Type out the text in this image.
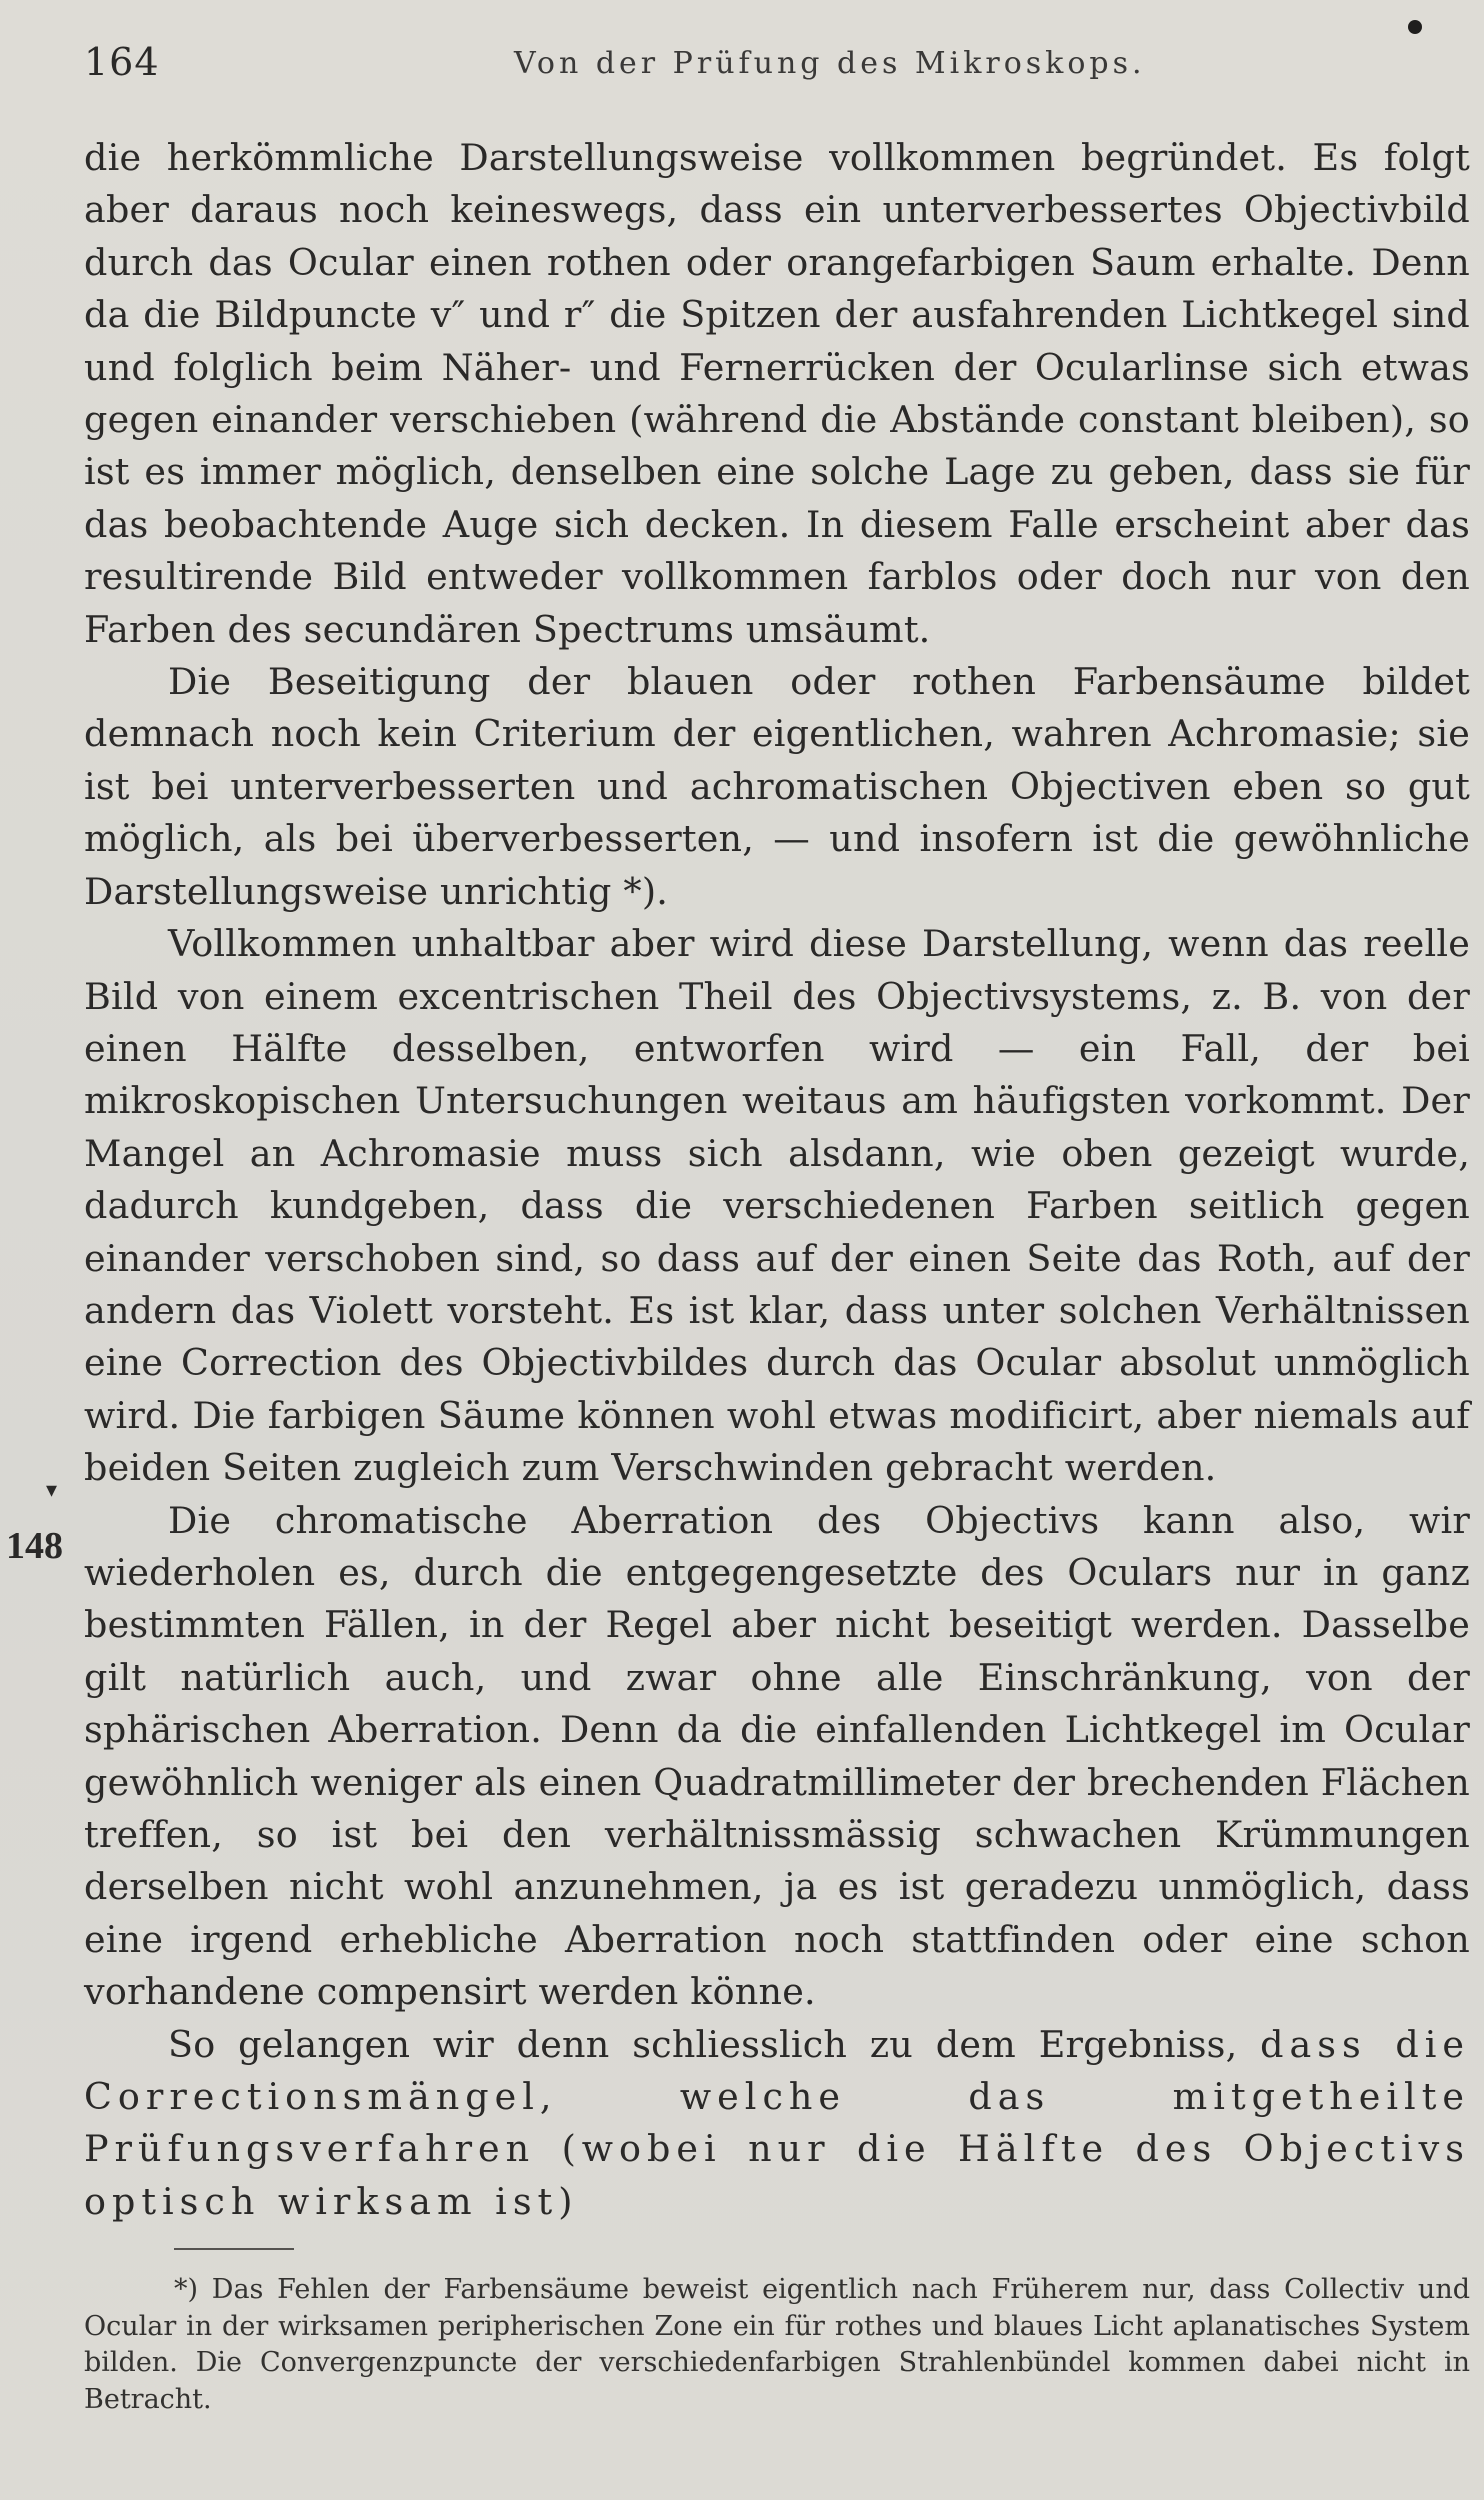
164	Von der Prüfung des Mikroskops.

die herkömmliche Darstellungsweise vollkommen begründet. Es folgt aber daraus noch keineswegs, dass ein unterverbessertes Objectivbild durch das Ocular einen rothen oder orangefarbigen Saum erhalte. Denn da die Bildpuncte v″ und r″ die Spitzen der ausfahrenden Lichtkegel sind und folglich beim Näher- und Fernerrücken der Ocularlinse sich etwas gegen einander verschieben (während die Abstände constant bleiben), so ist es immer möglich, denselben eine solche Lage zu geben, dass sie für das beobachtende Auge sich decken. In diesem Falle erscheint aber das resultirende Bild entweder vollkommen farblos oder doch nur von den Farben des secundären Spectrums umsäumt.

Die Beseitigung der blauen oder rothen Farbensäume bildet demnach noch kein Criterium der eigentlichen, wahren Achromasie; sie ist bei unterverbesserten und achromatischen Objectiven eben so gut möglich, als bei überverbesserten, — und insofern ist die gewöhnliche Darstellungsweise unrichtig *).

Vollkommen unhaltbar aber wird diese Darstellung, wenn das reelle Bild von einem excentrischen Theil des Objectivsystems, z. B. von der einen Hälfte desselben, entworfen wird — ein Fall, der bei mikroskopischen Untersuchungen weitaus am häufigsten vorkommt. Der Mangel an Achromasie muss sich alsdann, wie oben gezeigt wurde, dadurch kundgeben, dass die verschiedenen Farben seitlich gegen einander verschoben sind, so dass auf der einen Seite das Roth, auf der andern das Violett vorsteht. Es ist klar, dass unter solchen Verhältnissen eine Correction des Objectivbildes durch das Ocular absolut unmöglich wird. Die farbigen Säume können wohl etwas modificirt, aber niemals auf beiden Seiten zugleich zum Verschwinden gebracht werden.

Die chromatische Aberration des Objectivs kann also, wir wiederholen es, durch die entgegengesetzte des Oculars nur in ganz bestimmten Fällen, in der Regel aber nicht beseitigt werden. Dasselbe gilt natürlich auch, und zwar ohne alle Einschränkung, von der sphärischen Aberration. Denn da die einfallenden Lichtkegel im Ocular gewöhnlich weniger als einen Quadratmillimeter der brechenden Flächen treffen, so ist bei den verhältnissmässig schwachen Krümmungen derselben nicht wohl anzunehmen, ja es ist geradezu unmöglich, dass eine irgend erhebliche Aberration noch stattfinden oder eine schon vorhandene compensirt werden könne.

So gelangen wir denn schliesslich zu dem Ergebniss, dass die Correctionsmängel, welche das mitgetheilte Prüfungsverfahren (wobei nur die Hälfte des Objectivs optisch wirksam ist)

▾
148

*) Das Fehlen der Farbensäume beweist eigentlich nach Früherem nur, dass Collectiv und Ocular in der wirksamen peripherischen Zone ein für rothes und blaues Licht aplanatisches System bilden. Die Convergenzpuncte der verschiedenfarbigen Strahlenbündel kommen dabei nicht in Betracht.
